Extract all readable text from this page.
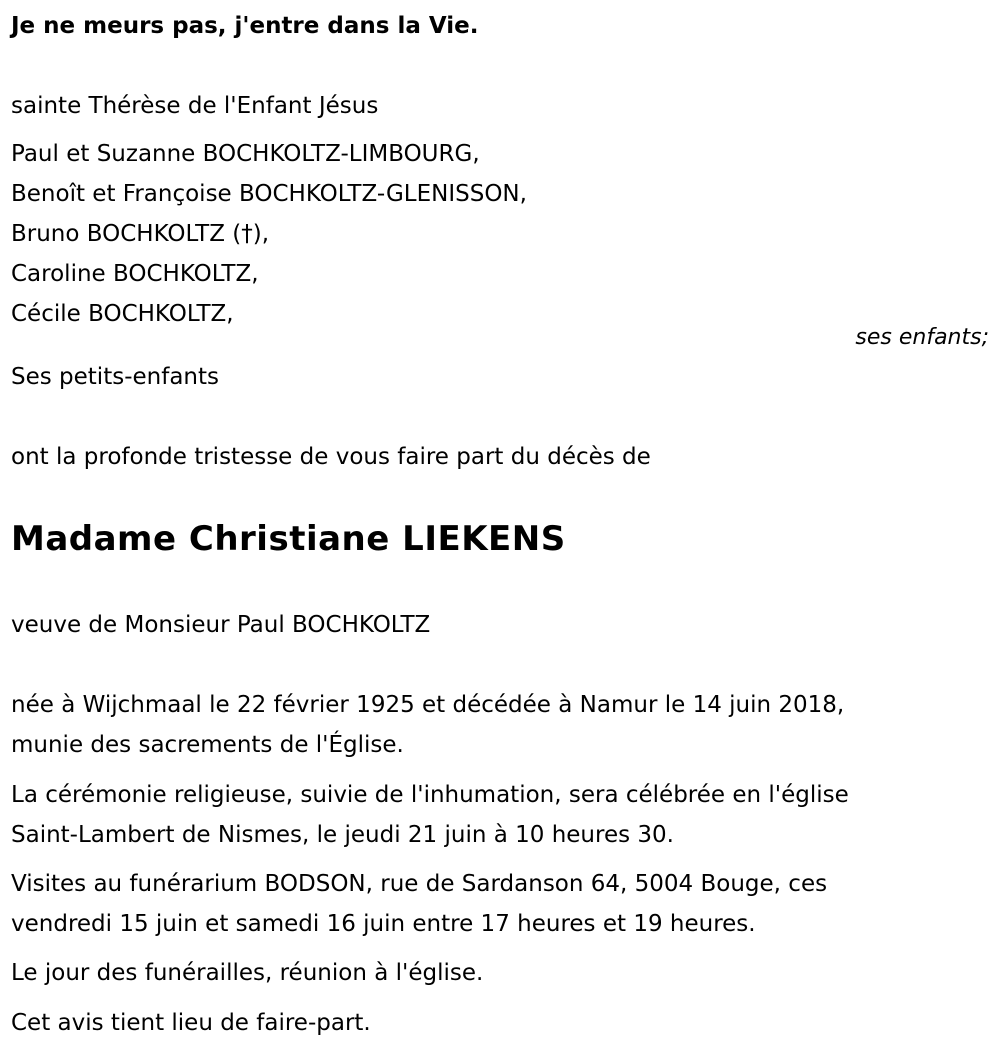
Je ne meurs pas, j'entre dans la Vie.
sainte Thérèse de l'Enfant Jésus
Paul et Suzanne BOCHKOLTZ-LIMBOURG,
Benoît et Françoise BOCHKOLTZ-GLENISSON,
Bruno BOCHKOLTZ (†),
Caroline BOCHKOLTZ,
Cécile BOCHKOLTZ,
ses enfants;
Ses petits-enfants
ont la profonde tristesse de vous faire part du décès de
Madame Christiane LIEKENS
veuve de Monsieur Paul BOCHKOLTZ
née à Wijchmaal le 22 février 1925 et décédée à Namur le 14 juin 2018,
munie des sacrements de l'Église.
La cérémonie religieuse, suivie de l'inhumation, sera célébrée en l'église
Saint-Lambert de Nismes, le jeudi 21 juin à 10 heures 30.
Visites au funérarium BODSON, rue de Sardanson 64, 5004 Bouge, ces
vendredi 15 juin et samedi 16 juin entre 17 heures et 19 heures.
Le jour des funérailles, réunion à l'église.
Cet avis tient lieu de faire-part.
